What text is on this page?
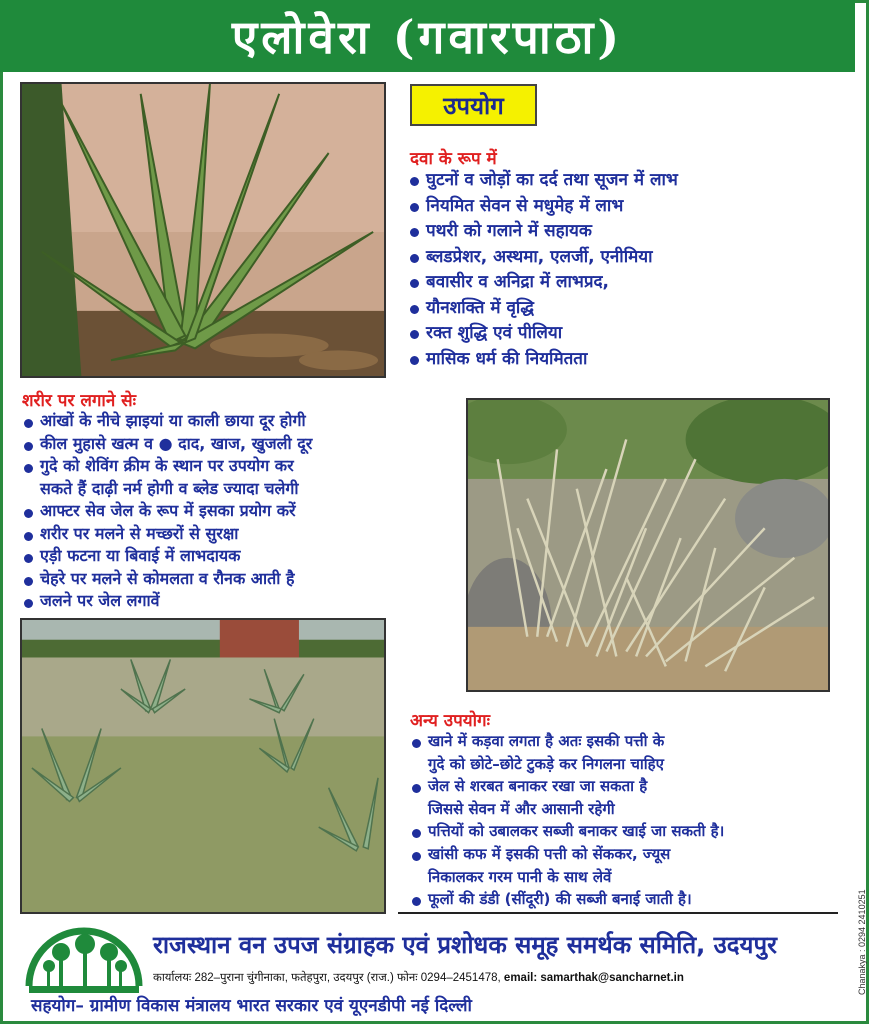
एलोवेरा (गवारपाठा)
Chanakya : 0294 2410251
उपयोग
दवा के रूप में
घुटनों व जोड़ों का दर्द तथा सूजन में लाभ
नियमित सेवन से मधुमेह में लाभ
पथरी को गलाने में सहायक
ब्लडप्रेशर, अस्थमा, एलर्जी, एनीमिया
बवासीर व अनिद्रा में लाभप्रद,
यौनशक्ति में वृद्धि
रक्त शुद्धि एवं पीलिया
मासिक धर्म की नियमितता
शरीर पर लगाने सेः
आंखों के नीचे झाइयां या काली छाया दूर होगी
कील मुहासे खत्म व ● दाद, खाज, खुजली दूर
गुदे को शेविंग क्रीम के स्थान पर उपयोग कर
सकते हैं दाढ़ी नर्म होगी व ब्लेड ज्यादा चलेगी
आफ्टर सेव जेल के रूप में इसका प्रयोग करें
शरीर पर मलने से मच्छरों से सुरक्षा
एड़ी फटना या बिवाई में लाभदायक
चेहरे पर मलने से कोमलता व रौनक आती है
जलने पर जेल लगावें
अन्य उपयोगः
खाने में कड़वा लगता है अतः इसकी पत्ती के
गुदे को छोटे–छोटे टुकड़े कर निगलना चाहिए
जेल से शरबत बनाकर रखा जा सकता है
जिससे सेवन में और आसानी रहेगी
पत्तियों को उबालकर सब्जी बनाकर खाई जा सकती है।
खांसी कफ में इसकी पत्ती को सेंककर, ज्यूस
निकालकर गरम पानी के साथ लेवें
फूलों की डंडी (सींदूरी) की सब्जी बनाई जाती है।
राजस्थान वन उपज संग्राहक एवं प्रशोधक समूह समर्थक समिति, उदयपुर
कार्यालयः 282–पुराना चुंगीनाका, फतेहपुरा, उदयपुर (राज.) फोनः 0294–2451478, email: samarthak@sancharnet.in
सहयोग– ग्रामीण विकास मंत्रालय भारत सरकार एवं यूएनडीपी नई दिल्ली
